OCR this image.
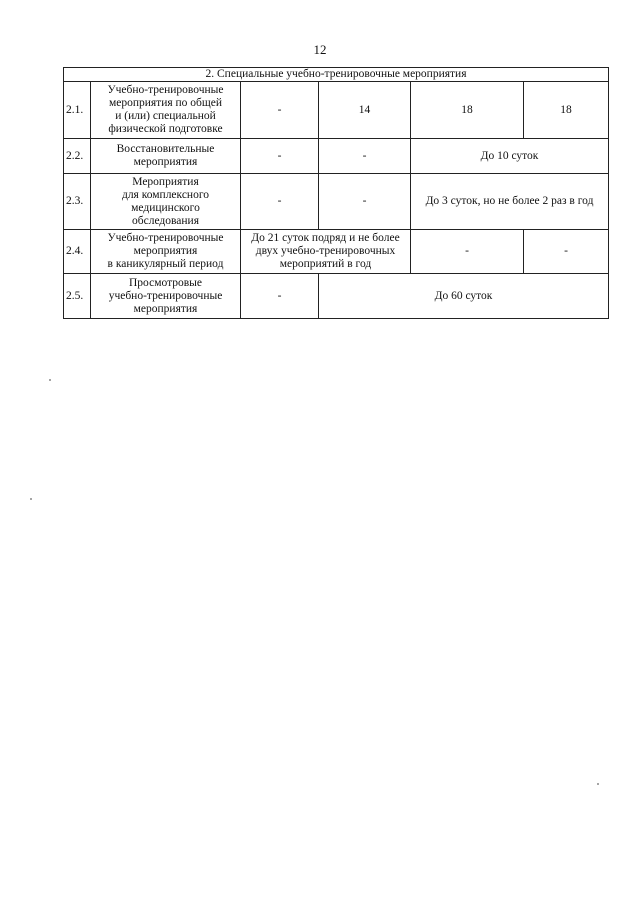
12
2. Специальные учебно-тренировочные мероприятия					
2.1.	Учебно-тренировочные
мероприятия по общей
и (или) специальной
физической подготовке	-	14	18	18
2.2.	Восстановительные
мероприятия	-	-	До 10 суток	
2.3.	Мероприятия
для комплексного
медицинского
обследования	-	-	До 3 суток, но не более 2 раз в год	
2.4.	Учебно-тренировочные
мероприятия
в каникулярный период	До 21 суток подряд и не более
двух учебно-тренировочных
мероприятий в год		-	-
2.5.	Просмотровые
учебно-тренировочные
мероприятия	-	До 60 суток		
